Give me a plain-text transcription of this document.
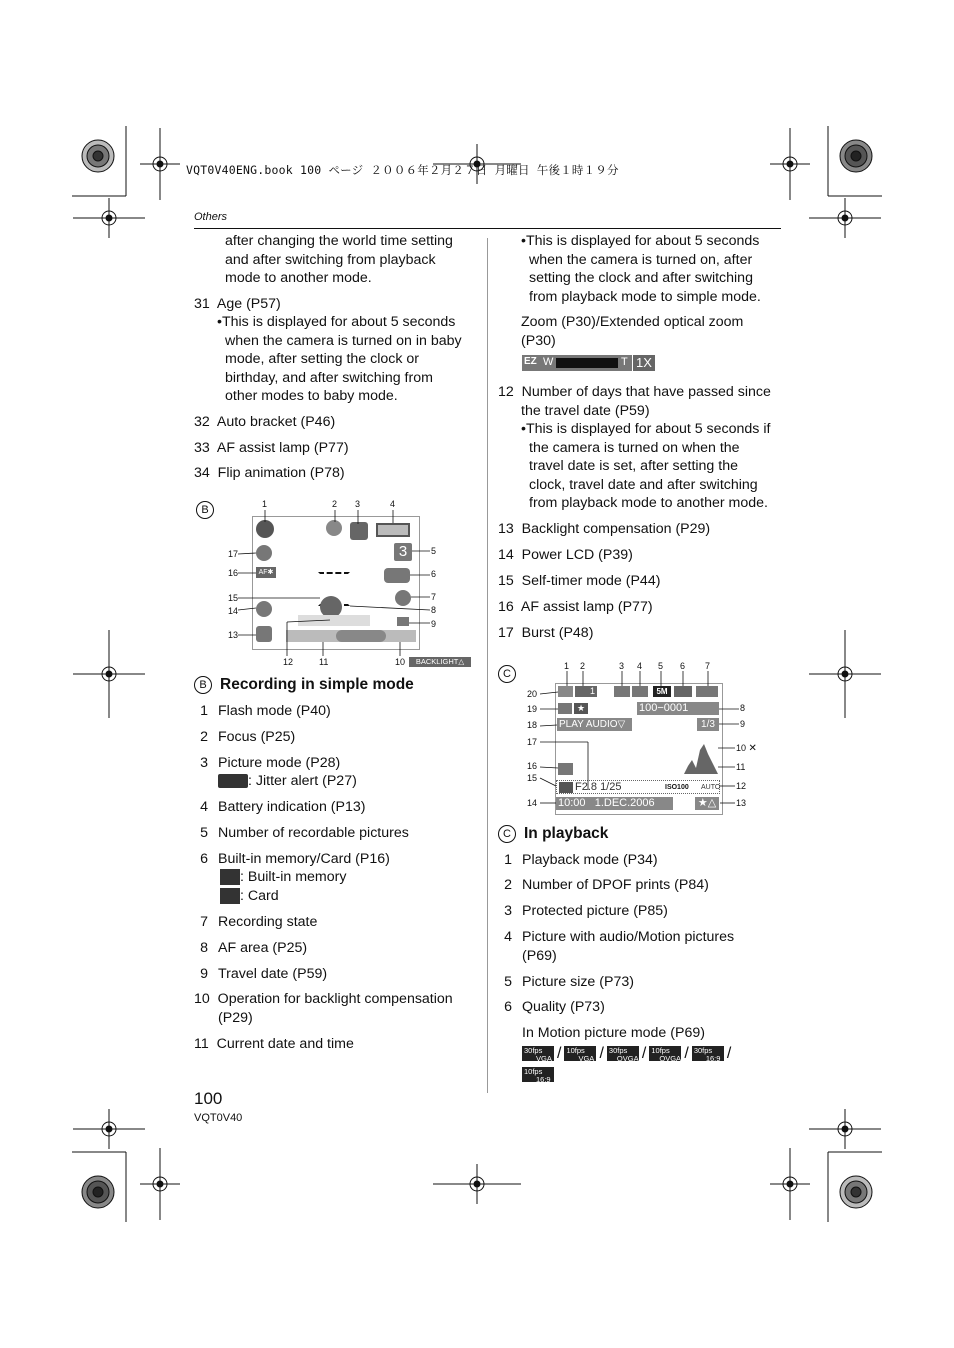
VQT0V40ENG.book 100 ページ ２００６年２月２７日 月曜日 午後１時１９分
Others
after changing the world time setting
and after switching from playback
mode to another mode.
31 Age (P57)
•This is displayed for about 5 seconds
when the camera is turned on in baby
mode, after setting the clock or
birthday, and after switching from
other modes to baby mode.
32 Auto bracket (P46)
33 AF assist lamp (P77)
34 Flip animation (P78)
B
3
AF✱
BACKLIGHT△
1	2 3	4
5
6
7
8
9
10
11
12
13
14
15
16
17
B Recording in simple mode
1 Flash mode (P40)
2 Focus (P25)
3 Picture mode (P28)
: Jitter alert (P27)
4 Battery indication (P13)
5 Number of recordable pictures
6 Built-in memory/Card (P16)
: Built-in memory
: Card
7 Recording state
8 AF area (P25)
9 Travel date (P59)
10 Operation for backlight compensation
(P29)
11 Current date and time
•This is displayed for about 5 seconds
when the camera is turned on, after
setting the clock and after switching
from playback mode to simple mode.
Zoom (P30)/Extended optical zoom
(P30)
EZ W	T 1X
12 Number of days that have passed since
the travel date (P59)
•This is displayed for about 5 seconds if
the camera is turned on when the
travel date is set, after setting the
clock, travel date and after switching
from playback mode to another mode.
13 Backlight compensation (P29)
14 Power LCD (P39)
15 Self-timer mode (P44)
16 AF assist lamp (P77)
17 Burst (P48)
C
1	5M
★	100−0001
PLAY AUDIO▽	1/3
F2.8 1/25	ISO100 AUTO
10:00   1.DEC.2006	★△
1 2	3 4 5 6 7
8
9
10 ✕
11
12
13
14
15
16
17
18
19
20
C In playback
1 Playback mode (P34)
2 Number of DPOF prints (P84)
3 Protected picture (P85)
4 Picture with audio/Motion pictures
(P69)
5 Picture size (P73)
6 Quality (P73)
In Motion picture mode (P69)
30fps
VGA / 10fps
VGA / 30fps
QVGA / 10fps
QVGA / 30fps
16:9 /
10fps
16:9
100
VQT0V40
